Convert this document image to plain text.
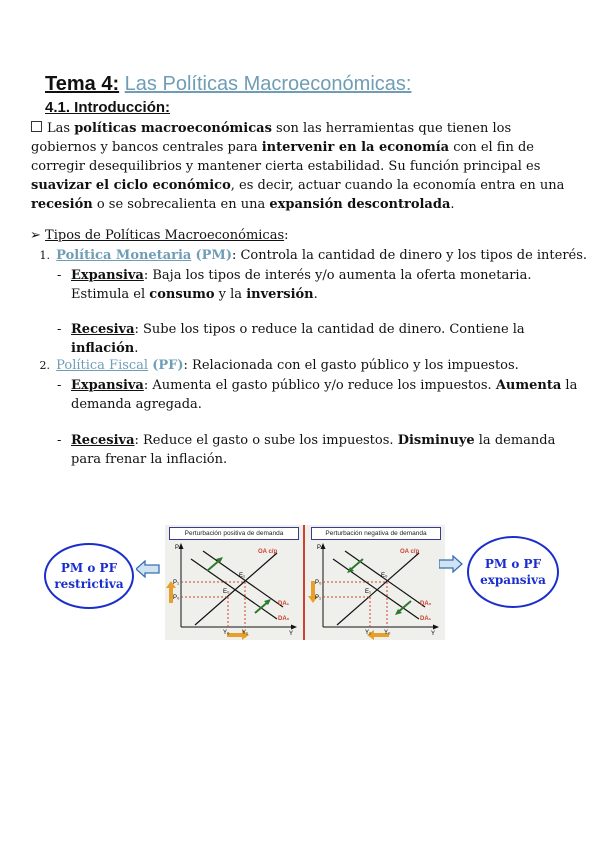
Tema 4: Las Políticas Macroeconómicas:
4.1. Introducción:
Las políticas macroeconómicas son las herramientas que tienen los gobiernos y bancos centrales para intervenir en la economía con el fin de corregir desequilibrios y mantener cierta estabilidad. Su función principal es suavizar el ciclo económico, es decir, actuar cuando la economía entra en una recesión o se sobrecalienta en una expansión descontrolada.
➢ Tipos de Políticas Macroeconómicas:
1. Política Monetaria (PM): Controla la cantidad de dinero y los tipos de interés.
- Expansiva: Baja los tipos de interés y/o aumenta la oferta monetaria. Estimula el consumo y la inversión.
- Recesiva: Sube los tipos o reduce la cantidad de dinero. Contiene la inflación.
2. Política Fiscal (PF): Relacionada con el gasto público y los impuestos.
- Expansiva: Aumenta el gasto público y/o reduce los impuestos. Aumenta la demanda agregada.
- Recesiva: Reduce el gasto o sube los impuestos. Disminuye la demanda para frenar la inflación.
PM o PF
restrictiva
Perturbación positiva de demanda
P
OA c/p
P₁
P₀
E₁
E₀
DA₁
DA₀
Y₀ Y₁	Y
Perturbación negativa de demanda
P
OA c/p
P₀
P₁
E₀
E₁
DA₀
DA₁
Y₁ Y₀	Y
PM o PF
expansiva
